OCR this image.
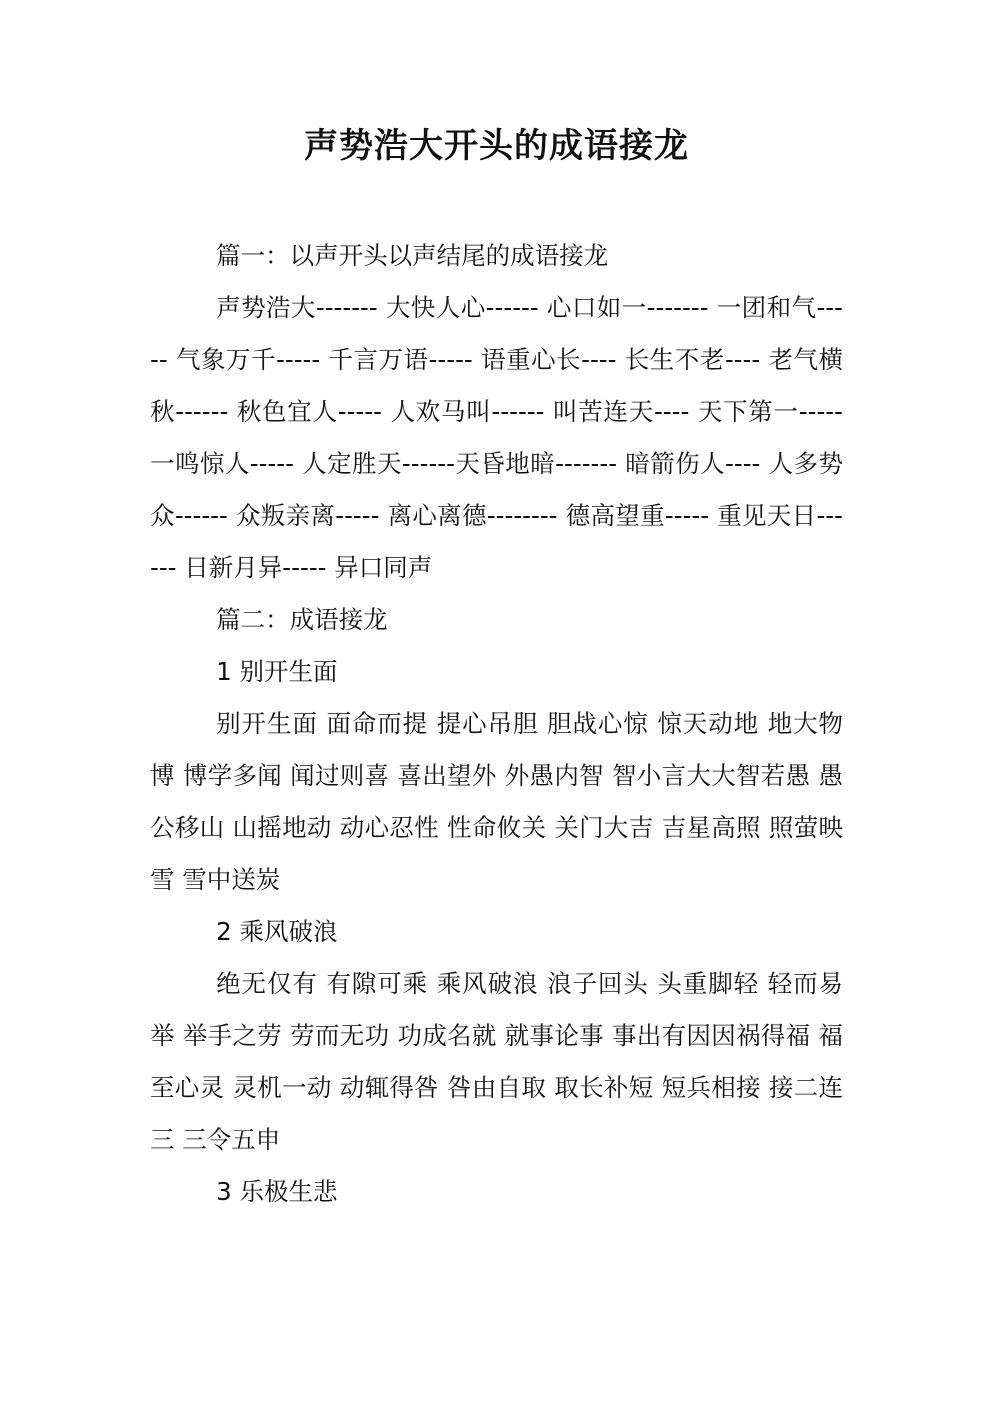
声势浩大开头的成语接龙

篇一：以声开头以声结尾的成语接龙

声势浩大------- 大快人心------ 心口如一------- 一团和气----- 气象万千----- 千言万语----- 语重心长---- 长生不老---- 老气横秋------ 秋色宜人----- 人欢马叫------ 叫苦连天---- 天下第一----- 一鸣惊人----- 人定胜天------天昏地暗------- 暗箭伤人---- 人多势众------ 众叛亲离----- 离心离德-------- 德高望重----- 重见天日------ 日新月异----- 异口同声

篇二：成语接龙

1 别开生面

别开生面 面命而提 提心吊胆 胆战心惊 惊天动地 地大物博 博学多闻 闻过则喜 喜出望外 外愚内智 智小言大大智若愚 愚公移山 山摇地动 动心忍性 性命攸关 关门大吉 吉星高照 照萤映雪 雪中送炭

2 乘风破浪

绝无仅有 有隙可乘 乘风破浪 浪子回头 头重脚轻 轻而易举 举手之劳 劳而无功 功成名就 就事论事 事出有因因祸得福 福至心灵 灵机一动 动辄得咎 咎由自取 取长补短 短兵相接 接二连三 三令五申

3 乐极生悲
